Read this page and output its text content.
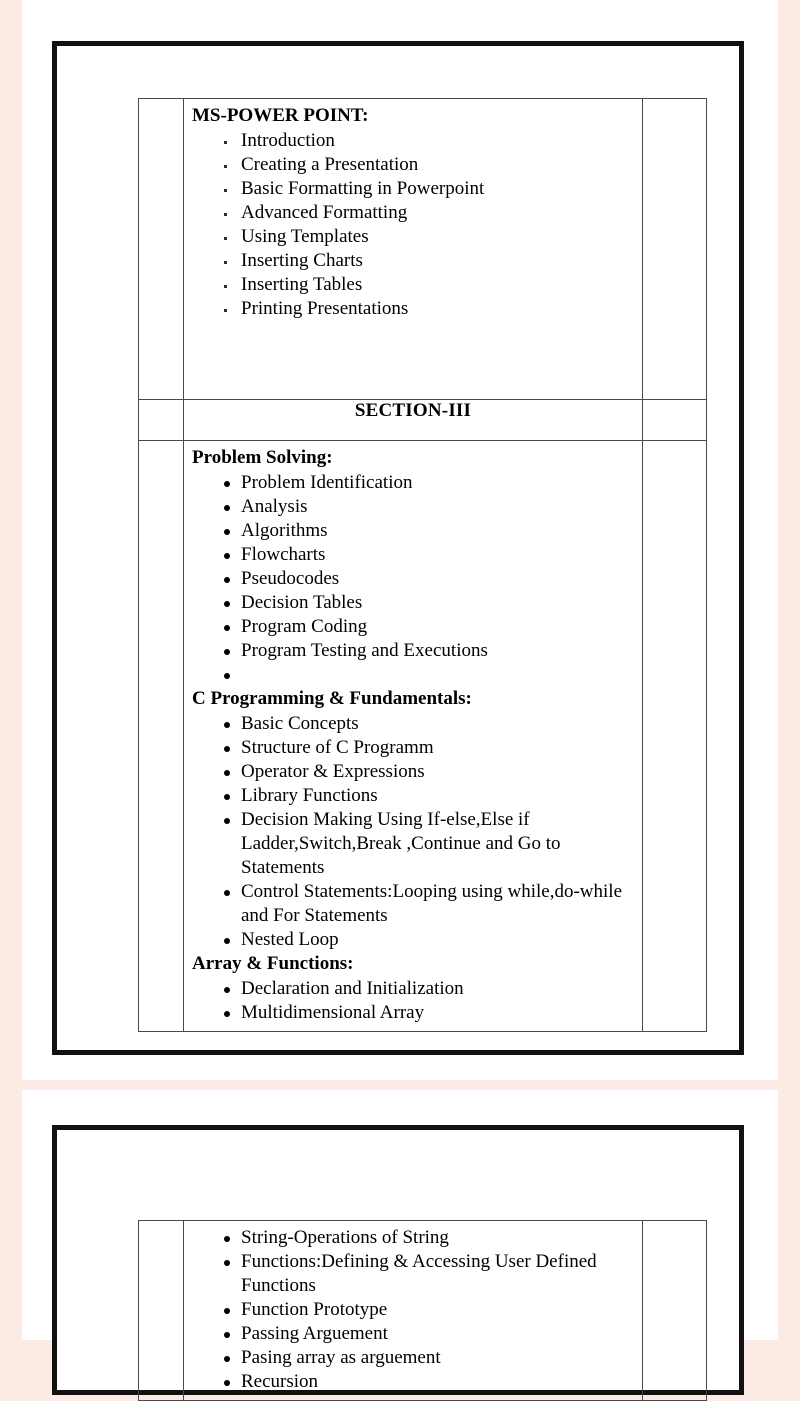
MS-POWER POINT:
Introduction
Creating a Presentation
Basic Formatting in Powerpoint
Advanced Formatting
Using Templates
Inserting Charts
Inserting Tables
Printing Presentations

	SECTION-III	

Problem Solving:
Problem Identification
Analysis
Algorithms
Flowcharts
Pseudocodes
Decision Tables
Program Coding
Program Testing and Executions
C Programming & Fundamentals:
Basic Concepts
Structure of C Programm
Operator & Expressions
Library Functions
Decision Making Using If-else,Else if Ladder,Switch,Break ,Continue and Go to Statements
Control Statements:Looping using while,do-while and For Statements
Nested Loop
Array & Functions:
Declaration and Initialization
Multidimensional Array

String-Operations of String
Functions:Defining & Accessing User Defined Functions
Function Prototype
Passing Arguement
Pasing array as arguement
Recursion
